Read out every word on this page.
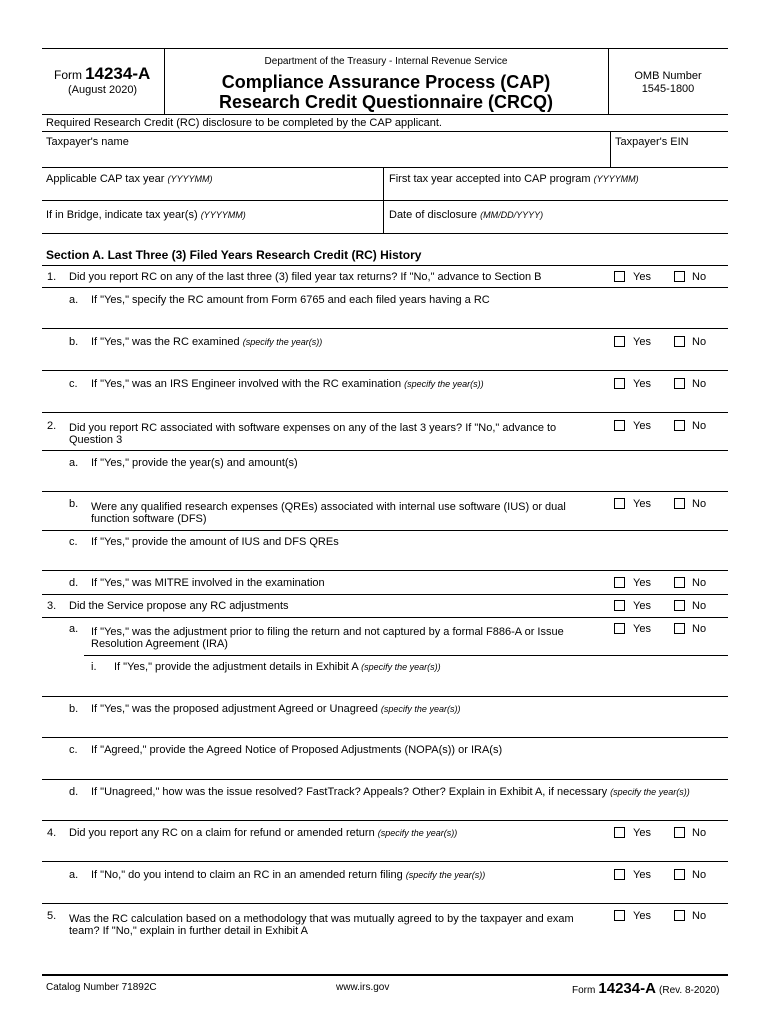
Form 14234-A
(August 2020)
Department of the Treasury - Internal Revenue Service
Compliance Assurance Process (CAP)
Research Credit Questionnaire (CRCQ)
OMB Number
1545-1800
Required Research Credit (RC) disclosure to be completed by the CAP applicant.
Taxpayer's name	Taxpayer's EIN
Applicable CAP tax year (YYYYMM)	First tax year accepted into CAP program (YYYYMM)
If in Bridge, indicate tax year(s) (YYYYMM)	Date of disclosure (MM/DD/YYYY)
Section A. Last Three (3) Filed Years Research Credit (RC) History
1. Did you report RC on any of the last three (3) filed year tax returns? If "No," advance to Section B	Yes	No
a. If "Yes," specify the RC amount from Form 6765 and each filed years having a RC
b. If "Yes," was the RC examined (specify the year(s))	Yes	No
c. If "Yes," was an IRS Engineer involved with the RC examination (specify the year(s))	Yes	No
2. Did you report RC associated with software expenses on any of the last 3 years? If "No," advance to
Question 3
Yes	No
a. If "Yes," provide the year(s) and amount(s)
b. Were any qualified research expenses (QREs) associated with internal use software (IUS) or dual
function software (DFS)
Yes	No
c. If "Yes," provide the amount of IUS and DFS QREs
d. If "Yes," was MITRE involved in the examination	Yes	No
3. Did the Service propose any RC adjustments	Yes	No
a. If "Yes," was the adjustment prior to filing the return and not captured by a formal F886-A or Issue
Resolution Agreement (IRA)
Yes	No
i. If "Yes," provide the adjustment details in Exhibit A (specify the year(s))
b. If "Yes," was the proposed adjustment Agreed or Unagreed (specify the year(s))
c. If "Agreed," provide the Agreed Notice of Proposed Adjustments (NOPA(s)) or IRA(s)
d. If "Unagreed," how was the issue resolved? FastTrack? Appeals? Other? Explain in Exhibit A, if necessary (specify the year(s))
4. Did you report any RC on a claim for refund or amended return (specify the year(s))	Yes	No
a. If "No," do you intend to claim an RC in an amended return filing (specify the year(s))	Yes	No
5. Was the RC calculation based on a methodology that was mutually agreed to by the taxpayer and exam
team? If "No," explain in further detail in Exhibit A
Yes	No
Catalog Number 71892C	www.irs.gov	Form 14234-A (Rev. 8-2020)
